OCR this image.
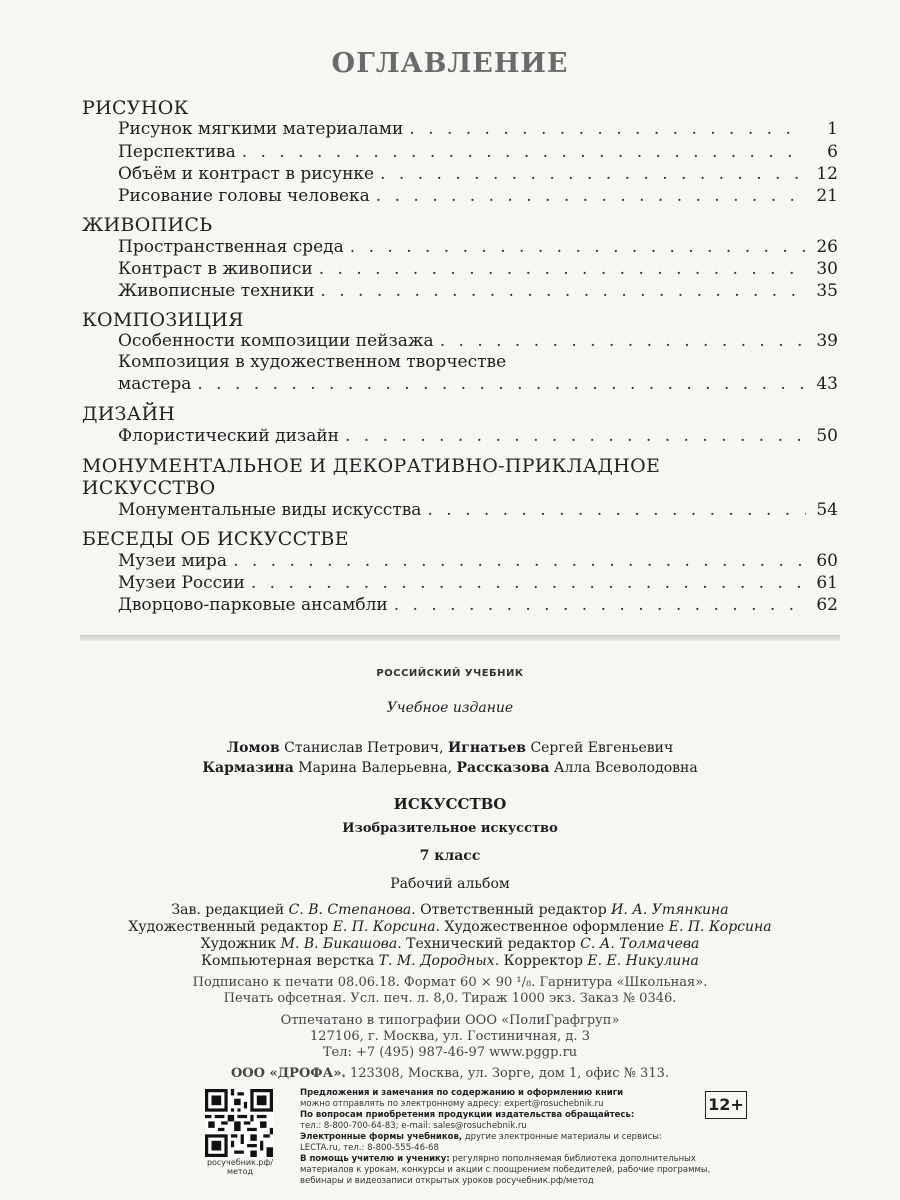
ОГЛАВЛЕНИЕ
РИСУНОК
Рисунок мягкими материалами . . .	1
Перспектива . . .	6
Объём и контраст в рисунке . . .	12
Рисование головы человека . . .	21
ЖИВОПИСЬ
Пространственная среда . . .	26
Контраст в живописи . . .	30
Живописные техники . . .	35
КОМПОЗИЦИЯ
Особенности композиции пейзажа . . .	39
Композиция в художественном творчестве
мастера . . .	43
ДИЗАЙН
Флористический дизайн . . .	50
МОНУМЕНТАЛЬНОЕ И ДЕКОРАТИВНО-ПРИКЛАДНОЕ
ИСКУССТВО
Монументальные виды искусства . . .	54
БЕСЕДЫ ОБ ИСКУССТВЕ
Музеи мира . . .	60
Музеи России . . .	61
Дворцово-парковые ансамбли . . .	62
РОССИЙСКИЙ УЧЕБНИК
Учебное издание
Ломов Станислав Петрович, Игнатьев Сергей Евгеньевич
Кармазина Марина Валерьевна, Рассказова Алла Всеволодовна
ИСКУССТВО
Изобразительное искусство
7 класс
Рабочий альбом
Зав. редакцией С. В. Степанова. Ответственный редактор И. А. Утянкина
Художественный редактор Е. П. Корсина. Художественное оформление Е. П. Корсина
Художник М. В. Бикашова. Технический редактор С. А. Толмачева
Компьютерная верстка Т. М. Дородных. Корректор Е. Е. Никулина
Подписано к печати 08.06.18. Формат 60 × 90 ¹/₈. Гарнитура «Школьная».
Печать офсетная. Усл. печ. л. 8,0. Тираж 1000 экз. Заказ № 0346.
Отпечатано в типографии ООО «ПолиГрафгруп»
127106, г. Москва, ул. Гостиничная, д. 3
Тел: +7 (495) 987-46-97 www.pggp.ru
ООО «ДРОФА». 123308, Москва, ул. Зорге, дом 1, офис № 313.
росучебник.рф/метод
Предложения и замечания по содержанию и оформлению книги
можно отправлять по электронному адресу: expert@rosuchebnik.ru
По вопросам приобретения продукции издательства обращайтесь:
тел.: 8-800-700-64-83; e-mail: sales@rosuchebnik.ru
Электронные формы учебников, другие электронные материалы и сервисы:
LECTA.ru, тел.: 8-800-555-46-68
В помощь учителю и ученику: регулярно пополняемая библиотека дополнительных
материалов к урокам, конкурсы и акции с поощрением победителей, рабочие программы,
вебинары и видеозаписи открытых уроков росучебник.рф/метод
12+
